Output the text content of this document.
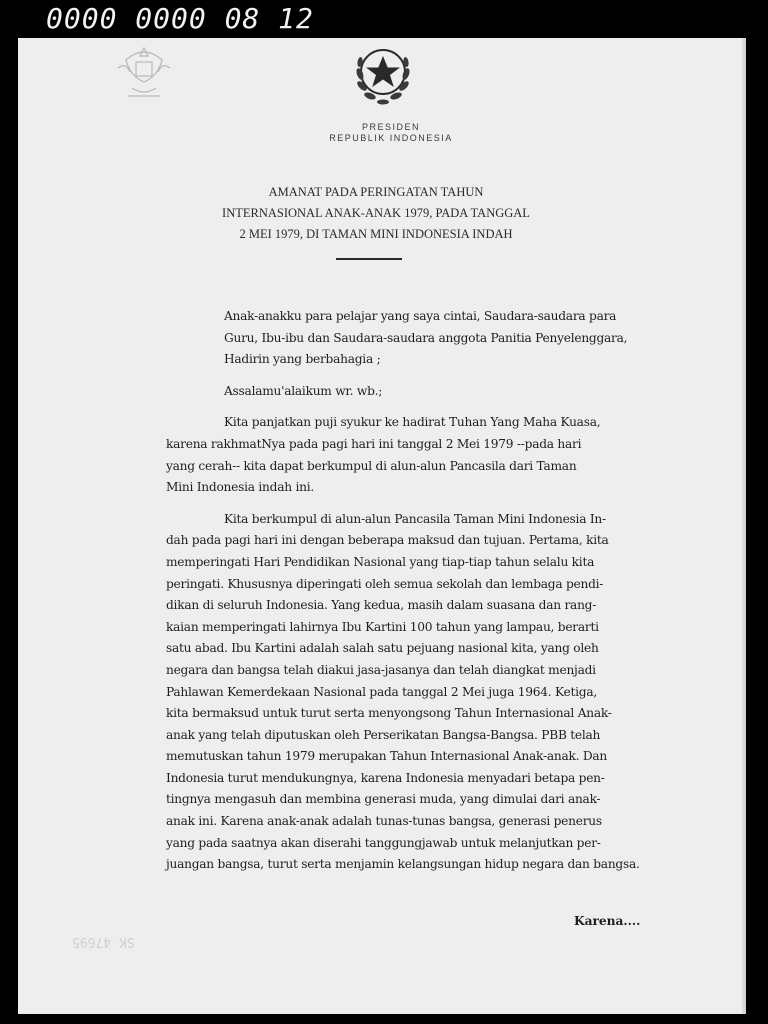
0000 0000 08 12
PRESIDEN
REPUBLIK INDONESIA
AMANAT PADA PERINGATAN TAHUN
INTERNASIONAL ANAK-ANAK 1979, PADA TANGGAL
2 MEI 1979, DI TAMAN MINI INDONESIA INDAH
Anak-anakku para pelajar yang saya cintai, Saudara-saudara para
Guru, Ibu-ibu dan Saudara-saudara anggota Panitia Penyelenggara,
Hadirin yang berbahagia ;
Assalamu'alaikum wr. wb.;
Kita panjatkan puji syukur ke hadirat Tuhan Yang Maha Kuasa,
karena rakhmatNya pada pagi hari ini tanggal 2 Mei 1979 --pada hari
yang cerah-- kita dapat berkumpul di alun-alun Pancasila dari Taman
Mini Indonesia indah ini.
Kita berkumpul di alun-alun Pancasila Taman Mini Indonesia In-
dah pada pagi hari ini dengan beberapa maksud dan tujuan. Pertama, kita
memperingati Hari Pendidikan Nasional yang tiap-tiap tahun selalu kita
peringati. Khususnya diperingati oleh semua sekolah dan lembaga pendi-
dikan di seluruh Indonesia. Yang kedua, masih dalam suasana dan rang-
kaian memperingati lahirnya Ibu Kartini 100 tahun yang lampau, berarti
satu abad. Ibu Kartini adalah salah satu pejuang nasional kita, yang oleh
negara dan bangsa telah diakui jasa-jasanya dan telah diangkat menjadi
Pahlawan Kemerdekaan Nasional pada tanggal 2 Mei juga 1964. Ketiga,
kita bermaksud untuk turut serta menyongsong Tahun Internasional Anak-
anak yang telah diputuskan oleh Perserikatan Bangsa-Bangsa. PBB telah
memutuskan tahun 1979 merupakan Tahun Internasional Anak-anak. Dan
Indonesia turut mendukungnya, karena Indonesia menyadari betapa pen-
tingnya mengasuh dan membina generasi muda, yang dimulai dari anak-
anak ini. Karena anak-anak adalah tunas-tunas bangsa, generasi penerus
yang pada saatnya akan diserahi tanggungjawab untuk melanjutkan per-
juangan bangsa, turut serta menjamin kelangsungan hidup negara dan bangsa.
Karena....
SK 47695
